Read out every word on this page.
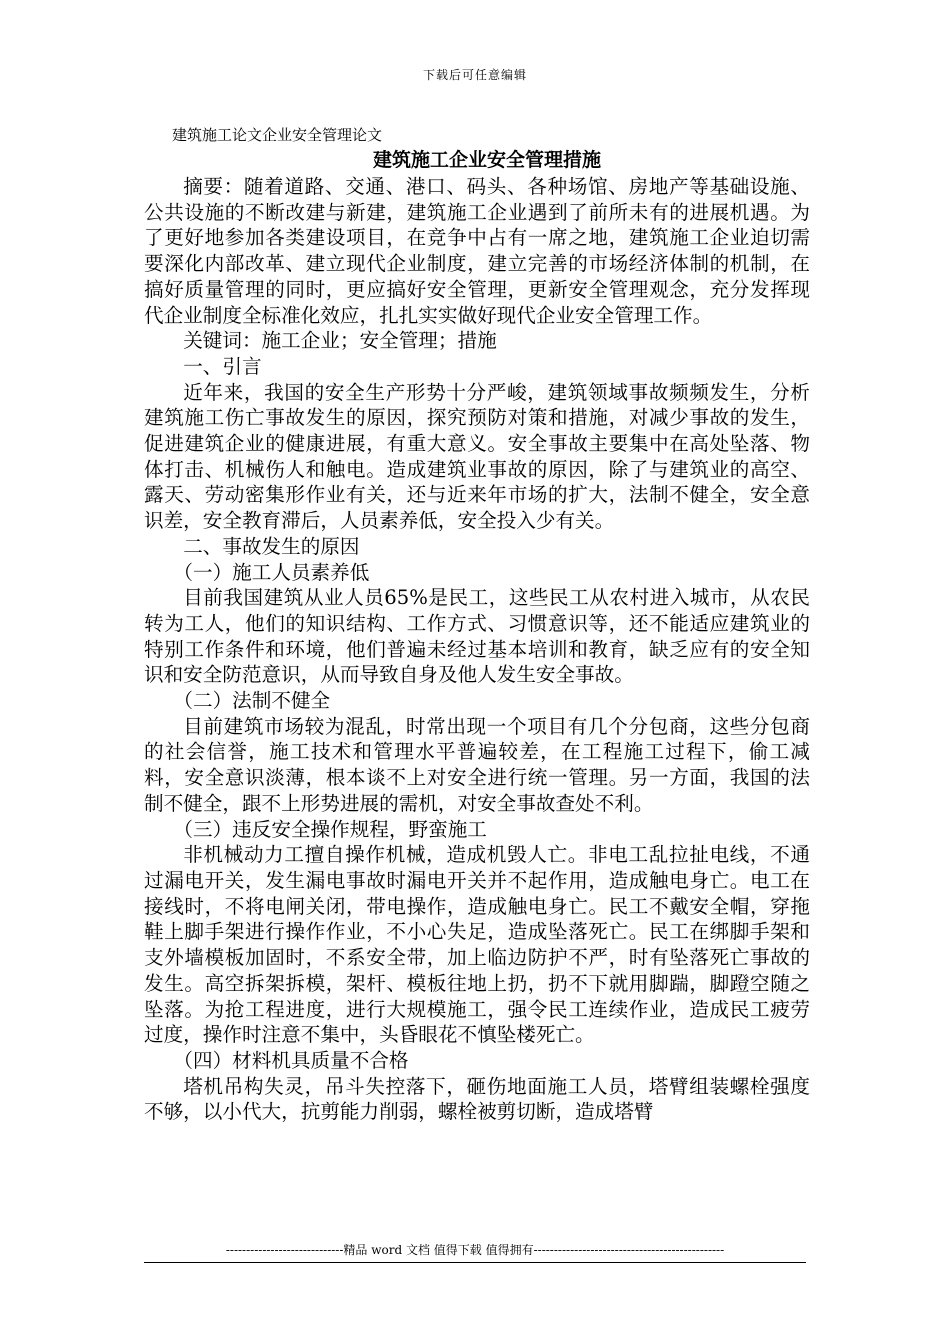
下载后可任意编辑

建筑施工论文企业安全管理论文

建筑施工企业安全管理措施

摘要：随着道路、交通、港口、码头、各种场馆、房地产等基础设施、公共设施的不断改建与新建，建筑施工企业遇到了前所未有的进展机遇。为了更好地参加各类建设项目，在竞争中占有一席之地，建筑施工企业迫切需要深化内部改革、建立现代企业制度，建立完善的市场经济体制的机制，在搞好质量管理的同时，更应搞好安全管理，更新安全管理观念，充分发挥现代企业制度全标准化效应，扎扎实实做好现代企业安全管理工作。

关键词：施工企业；安全管理；措施

一、引言

近年来，我国的安全生产形势十分严峻，建筑领域事故频频发生，分析建筑施工伤亡事故发生的原因，探究预防对策和措施，对减少事故的发生，促进建筑企业的健康进展，有重大意义。安全事故主要集中在高处坠落、物体打击、机械伤人和触电。造成建筑业事故的原因，除了与建筑业的高空、露天、劳动密集形作业有关，还与近来年市场的扩大，法制不健全，安全意识差，安全教育滞后，人员素养低，安全投入少有关。

二、事故发生的原因

（一）施工人员素养低

目前我国建筑从业人员65%是民工，这些民工从农村进入城市，从农民转为工人，他们的知识结构、工作方式、习惯意识等，还不能适应建筑业的特别工作条件和环境，他们普遍未经过基本培训和教育，缺乏应有的安全知识和安全防范意识，从而导致自身及他人发生安全事故。

（二）法制不健全

目前建筑市场较为混乱，时常出现一个项目有几个分包商，这些分包商的社会信誉，施工技术和管理水平普遍较差，在工程施工过程下，偷工减料，安全意识淡薄，根本谈不上对安全进行统一管理。另一方面，我国的法制不健全，跟不上形势进展的需机，对安全事故查处不利。

（三）违反安全操作规程，野蛮施工

非机械动力工擅自操作机械，造成机毁人亡。非电工乱拉扯电线，不通过漏电开关，发生漏电事故时漏电开关并不起作用，造成触电身亡。电工在接线时，不将电闸关闭，带电操作，造成触电身亡。民工不戴安全帽，穿拖鞋上脚手架进行操作作业，不小心失足，造成坠落死亡。民工在绑脚手架和支外墙模板加固时，不系安全带，加上临边防护不严，时有坠落死亡事故的发生。高空拆架拆模，架杆、模板往地上扔，扔不下就用脚踹，脚蹬空随之坠落。为抢工程进度，进行大规模施工，强令民工连续作业，造成民工疲劳过度，操作时注意不集中，头昏眼花不慎坠楼死亡。

（四）材料机具质量不合格

塔机吊构失灵，吊斗失控落下，砸伤地面施工人员，塔臂组装螺栓强度不够，以小代大，抗剪能力削弱，螺栓被剪切断，造成塔臂

-----------------------------精品 word 文档 值得下载 值得拥有-----------------------------------------------
